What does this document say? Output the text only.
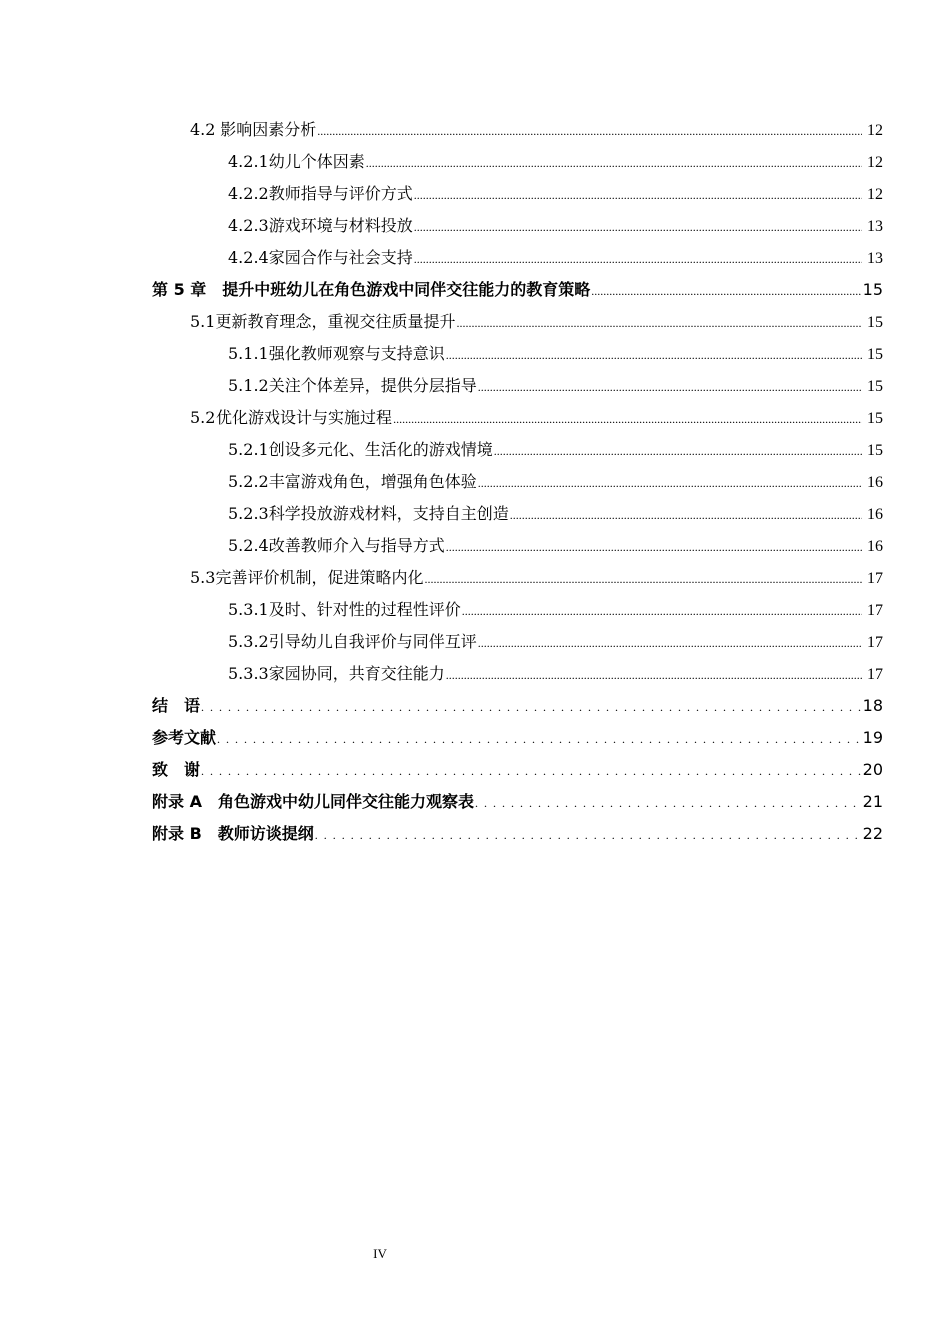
4.2 影响因素分析 .....	12
4.2.1 幼儿个体因素 .....	12
4.2.2 教师指导与评价方式 .....	12
4.2.3 游戏环境与材料投放 .....	13
4.2.4 家园合作与社会支持 .....	13
第 5 章 提升中班幼儿在角色游戏中同伴交往能力的教育策略 .....	15
5.1 更新教育理念，重视交往质量提升 .....	15
5.1.1 强化教师观察与支持意识 .....	15
5.1.2 关注个体差异，提供分层指导 .....	15
5.2 优化游戏设计与实施过程 .....	15
5.2.1 创设多元化、生活化的游戏情境 .....	15
5.2.2 丰富游戏角色，增强角色体验 .....	16
5.2.3 科学投放游戏材料，支持自主创造 .....	16
5.2.4 改善教师介入与指导方式 .....	16
5.3 完善评价机制，促进策略内化 .....	17
5.3.1 及时、针对性的过程性评价 .....	17
5.3.2 引导幼儿自我评价与同伴互评 .....	17
5.3.3 家园协同，共育交往能力 .....	17
结　语 .....	18
参考文献 .....	19
致　谢 .....	20
附录 A 角色游戏中幼儿同伴交往能力观察表 .....	21
附录 B 教师访谈提纲 .....	22
IV
